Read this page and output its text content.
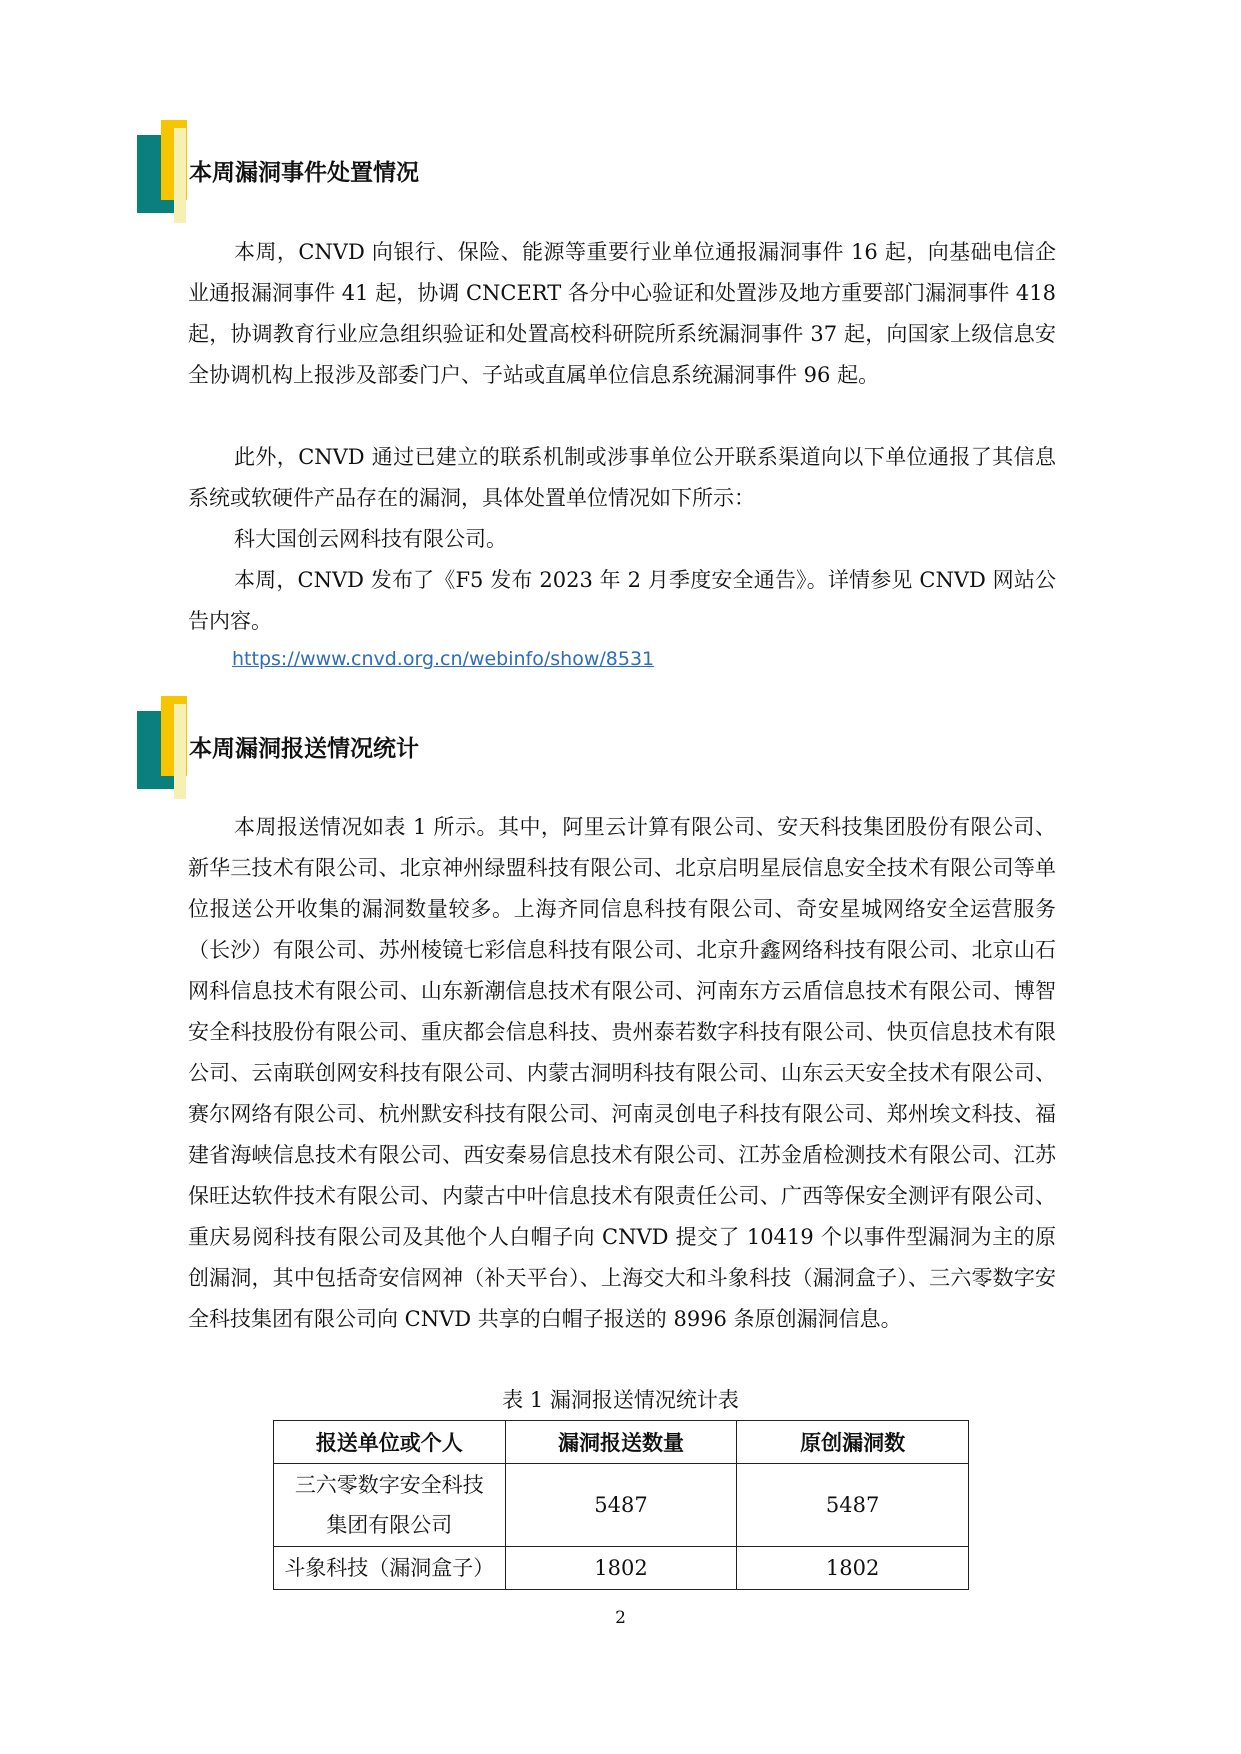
本周漏洞事件处置情况

本周，CNVD 向银行、保险、能源等重要行业单位通报漏洞事件 16 起，向基础电信企业通报漏洞事件 41 起，协调 CNCERT 各分中心验证和处置涉及地方重要部门漏洞事件 418 起，协调教育行业应急组织验证和处置高校科研院所系统漏洞事件 37 起，向国家上级信息安全协调机构上报涉及部委门户、子站或直属单位信息系统漏洞事件 96 起。

此外，CNVD 通过已建立的联系机制或涉事单位公开联系渠道向以下单位通报了其信息系统或软硬件产品存在的漏洞，具体处置单位情况如下所示：

科大国创云网科技有限公司。

本周，CNVD 发布了《F5 发布 2023 年 2 月季度安全通告》。详情参见 CNVD 网站公告内容。

https://www.cnvd.org.cn/webinfo/show/8531
本周漏洞报送情况统计

本周报送情况如表 1 所示。其中，阿里云计算有限公司、安天科技集团股份有限公司、新华三技术有限公司、北京神州绿盟科技有限公司、北京启明星辰信息安全技术有限公司等单位报送公开收集的漏洞数量较多。上海齐同信息科技有限公司、奇安星城网络安全运营服务（长沙）有限公司、苏州棱镜七彩信息科技有限公司、北京升鑫网络科技有限公司、北京山石网科信息技术有限公司、山东新潮信息技术有限公司、河南东方云盾信息技术有限公司、博智安全科技股份有限公司、重庆都会信息科技、贵州泰若数字科技有限公司、快页信息技术有限公司、云南联创网安科技有限公司、内蒙古洞明科技有限公司、山东云天安全技术有限公司、赛尔网络有限公司、杭州默安科技有限公司、河南灵创电子科技有限公司、郑州埃文科技、福建省海峡信息技术有限公司、西安秦易信息技术有限公司、江苏金盾检测技术有限公司、江苏保旺达软件技术有限公司、内蒙古中叶信息技术有限责任公司、广西等保安全测评有限公司、重庆易阅科技有限公司及其他个人白帽子向 CNVD 提交了 10419 个以事件型漏洞为主的原创漏洞，其中包括奇安信网神（补天平台）、上海交大和斗象科技（漏洞盒子）、三六零数字安全科技集团有限公司向 CNVD 共享的白帽子报送的 8996 条原创漏洞信息。

表 1 漏洞报送情况统计表
报送单位或个人	漏洞报送数量	原创漏洞数

三六零数字安全科技
集团有限公司	5487	5487
斗象科技（漏洞盒子）	1802	1802
2
